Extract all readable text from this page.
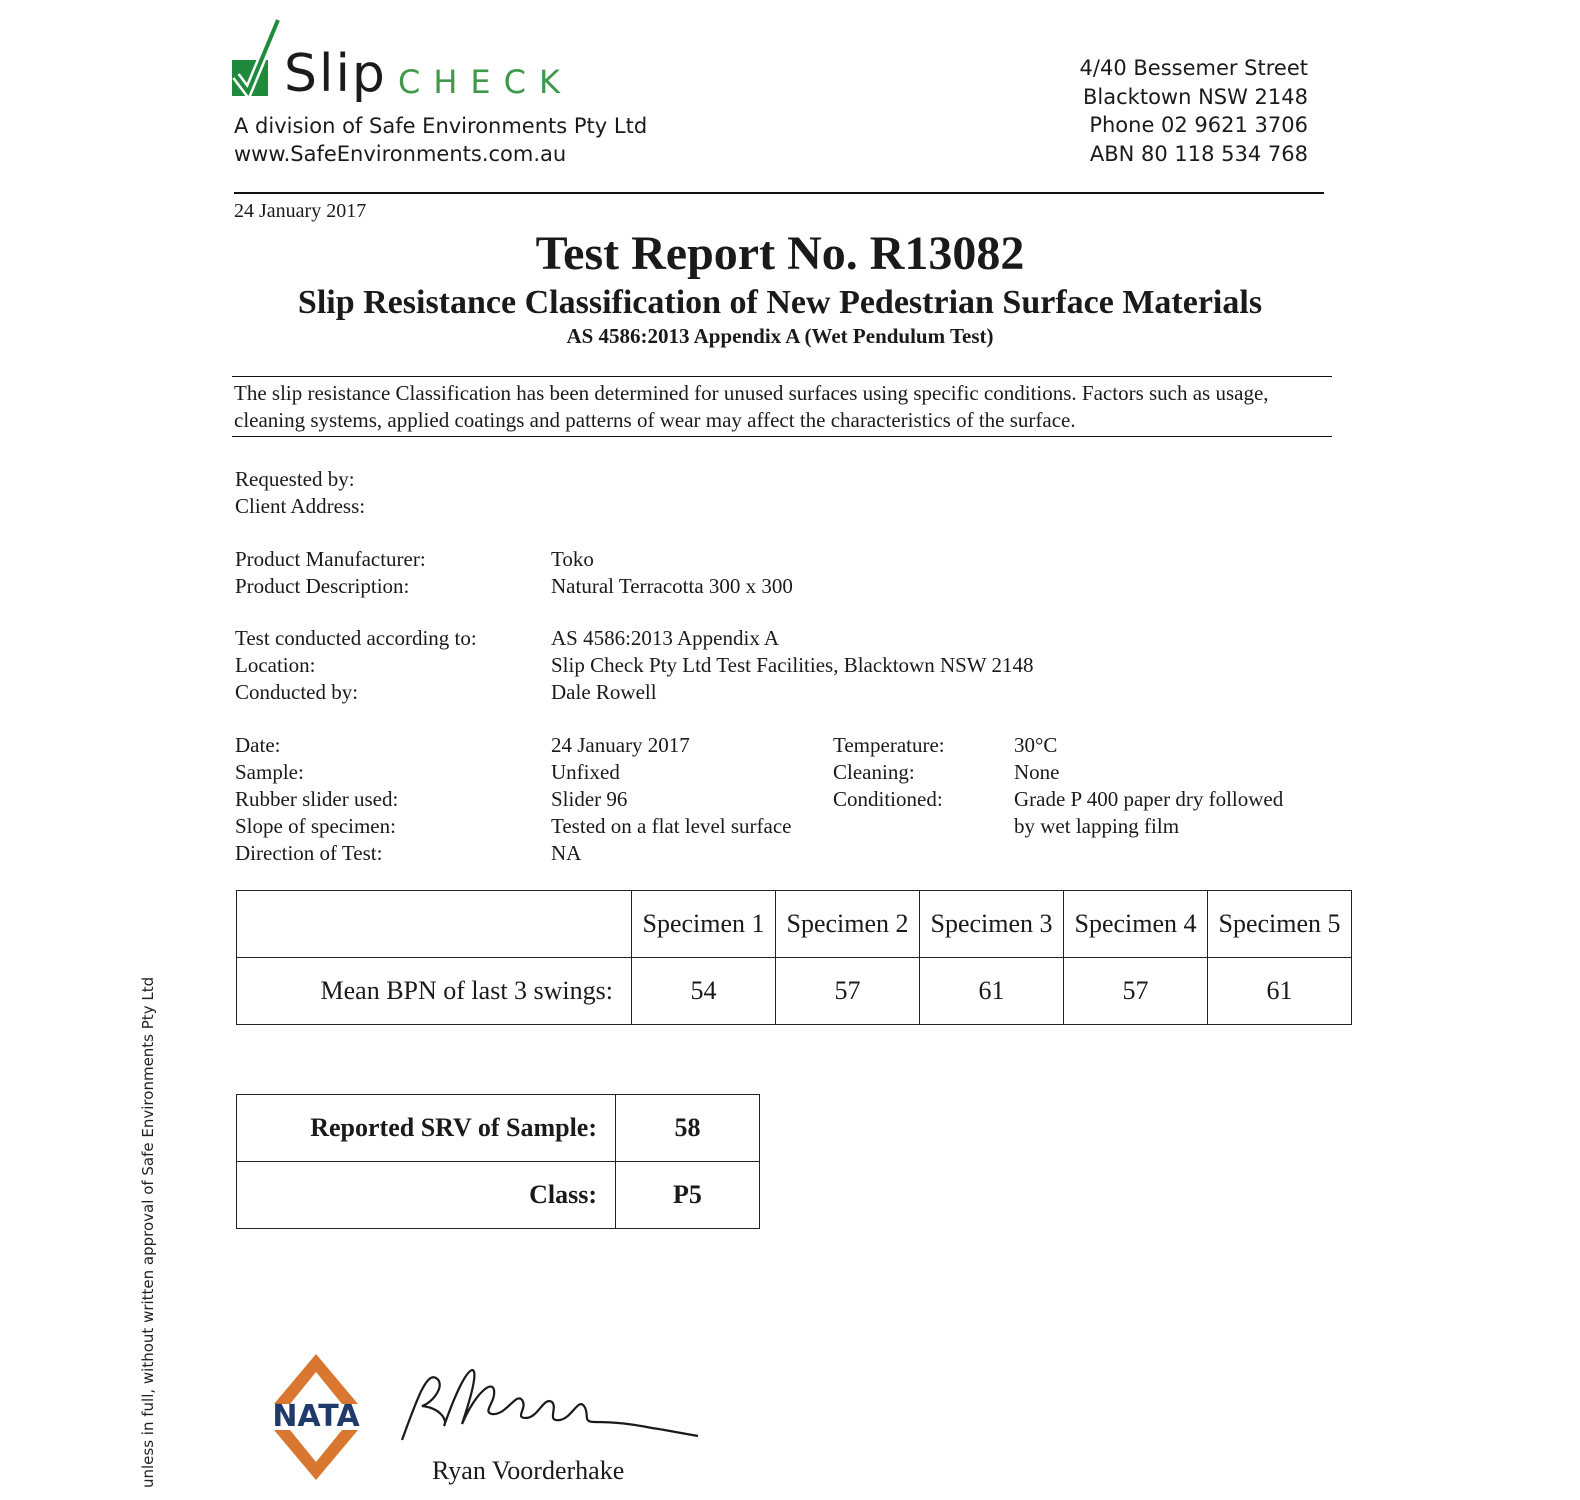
Slip CHECK
A division of Safe Environments Pty Ltd
www.SafeEnvironments.com.au
4/40 Bessemer Street
Blacktown NSW 2148
Phone 02 9621 3706
ABN 80 118 534 768
24 January 2017
Test Report No. R13082
Slip Resistance Classification of New Pedestrian Surface Materials
AS 4586:2013 Appendix A (Wet Pendulum Test)
The slip resistance Classification has been determined for unused surfaces using specific conditions. Factors such as usage, cleaning systems, applied coatings and patterns of wear may affect the characteristics of the surface.
Requested by:
Client Address:
Product Manufacturer:	Toko
Product Description:	Natural Terracotta 300 x 300
Test conducted according to:	AS 4586:2013 Appendix A
Location:	Slip Check Pty Ltd Test Facilities, Blacktown NSW 2148
Conducted by:	Dale Rowell
Date:	24 January 2017
Sample:	Unfixed
Rubber slider used:	Slider 96
Slope of specimen:	Tested on a flat level surface
Direction of Test:	NA
Temperature:	30°C
Cleaning:	None
Conditioned:	Grade P 400 paper dry followed
by wet lapping film
	Specimen 1	Specimen 2	Specimen 3	Specimen 4	Specimen 5
Mean BPN of last 3 swings:	54	57	61	57	61
Reported SRV of Sample:	58
Class:	P5
unless in full, without written approval of Safe Environments Pty Ltd	NATA
Ryan Voorderhake
